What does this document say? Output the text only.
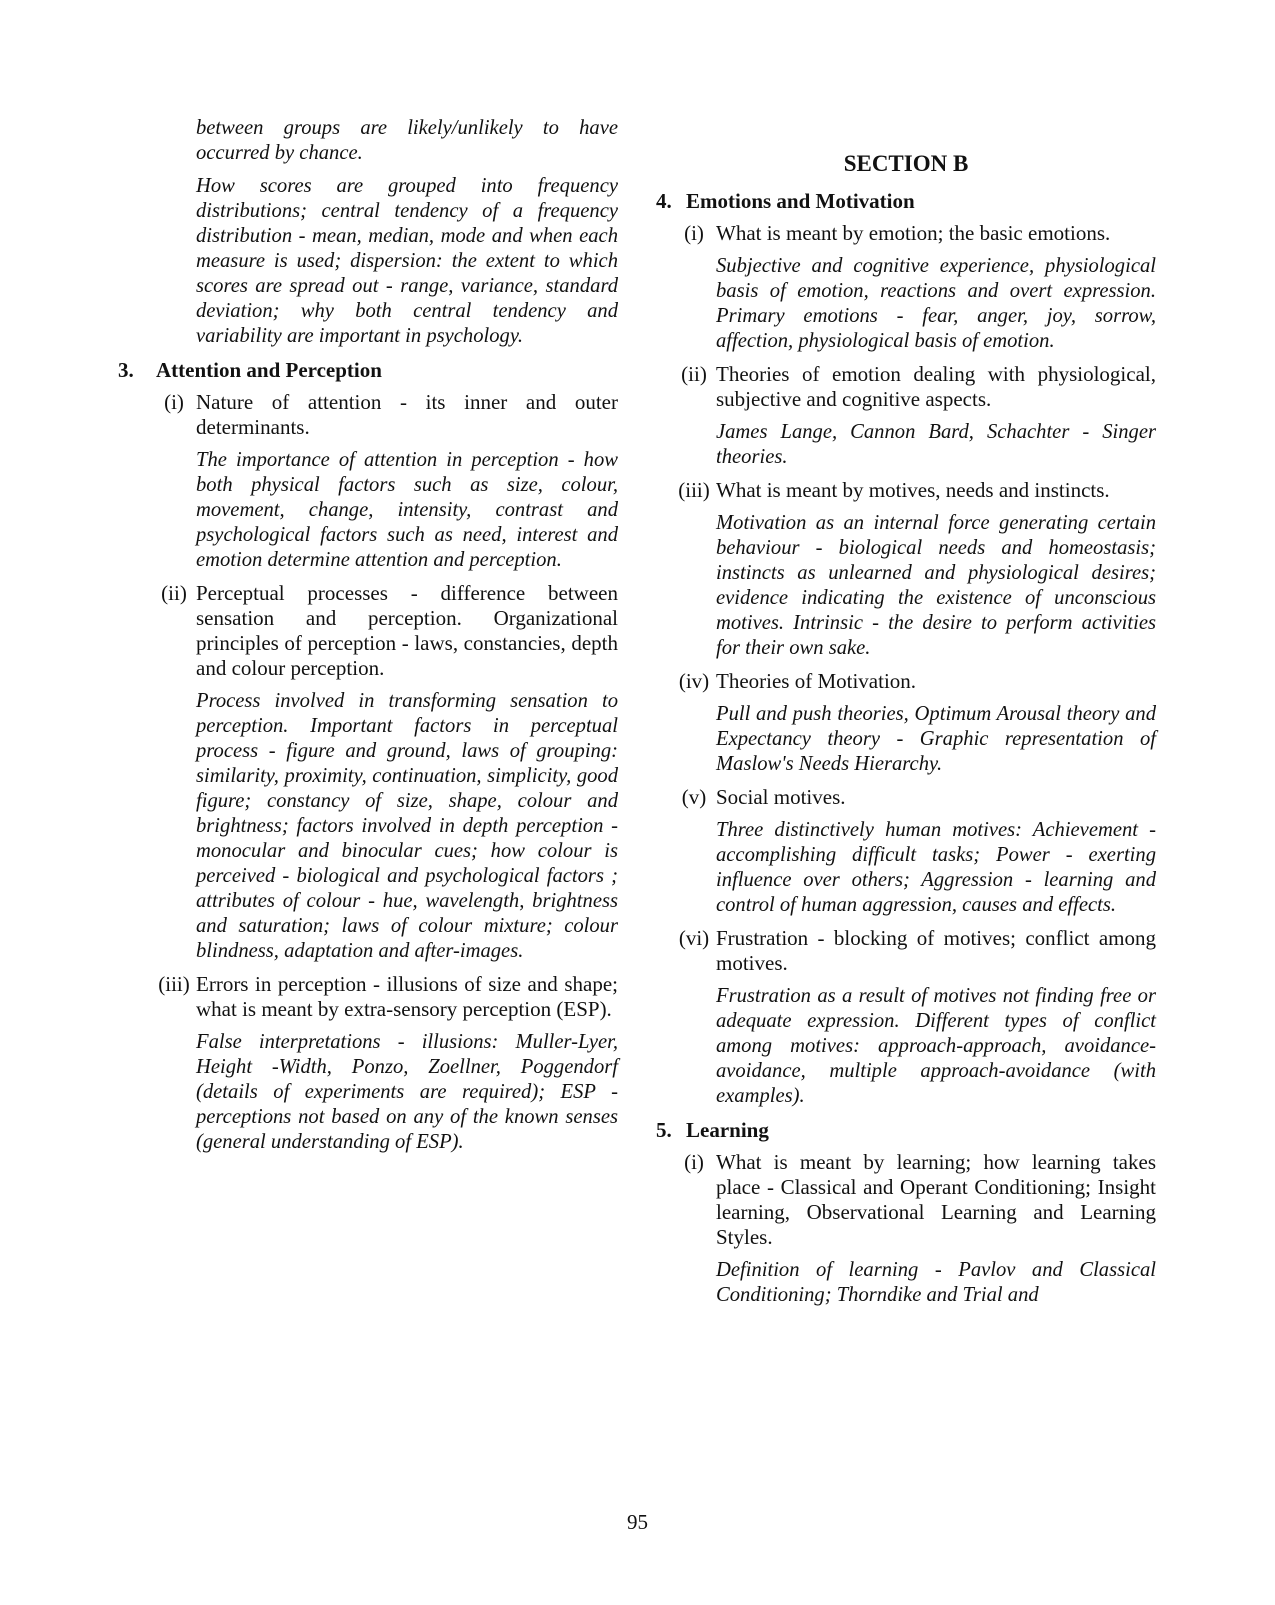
between groups are likely/unlikely to have occurred by chance.

How scores are grouped into frequency distributions; central tendency of a frequency distribution - mean, median, mode and when each measure is used; dispersion: the extent to which scores are spread out - range, variance, standard deviation; why both central tendency and variability are important in psychology.

3.	Attention and Perception
(i) Nature of attention - its inner and outer determinants.

The importance of attention in perception - how both physical factors such as size, colour, movement, change, intensity, contrast and psychological factors such as need, interest and emotion determine attention and perception.

(ii) Perceptual processes - difference between sensation and perception. Organizational principles of perception - laws, constancies, depth and colour perception.

Process involved in transforming sensation to perception. Important factors in perceptual process - figure and ground, laws of grouping: similarity, proximity, continuation, simplicity, good figure; constancy of size, shape, colour and brightness; factors involved in depth perception -monocular and binocular cues; how colour is perceived - biological and psychological factors ; attributes of colour - hue, wavelength, brightness and saturation; laws of colour mixture; colour blindness, adaptation and after-images.

(iii) Errors in perception - illusions of size and shape; what is meant by extra-sensory perception (ESP).

False interpretations - illusions: Muller-Lyer, Height -Width, Ponzo, Zoellner, Poggendorf (details of experiments are required); ESP - perceptions not based on any of the known senses (general understanding of ESP).

SECTION B
4. Emotions and Motivation
(i) What is meant by emotion; the basic emotions.

Subjective and cognitive experience, physiological basis of emotion, reactions and overt expression. Primary emotions - fear, anger, joy, sorrow, affection, physiological basis of emotion.

(ii) Theories of emotion dealing with physiological, subjective and cognitive aspects.

James Lange, Cannon Bard, Schachter - Singer theories.

(iii) What is meant by motives, needs and instincts.

Motivation as an internal force generating certain behaviour - biological needs and homeostasis; instincts as unlearned and physiological desires; evidence indicating the existence of unconscious motives. Intrinsic - the desire to perform activities for their own sake.

(iv) Theories of Motivation.

Pull and push theories, Optimum Arousal theory and Expectancy theory - Graphic representation of Maslow's Needs Hierarchy.

(v) Social motives.

Three distinctively human motives: Achievement - accomplishing difficult tasks; Power - exerting influence over others; Aggression - learning and control of human aggression, causes and effects.

(vi) Frustration - blocking of motives; conflict among motives.

Frustration as a result of motives not finding free or adequate expression. Different types of conflict among motives: approach-approach, avoidance-avoidance, multiple approach-avoidance (with examples).

5. Learning
(i) What is meant by learning; how learning takes place - Classical and Operant Conditioning; Insight learning, Observational Learning and Learning Styles.

Definition of learning - Pavlov and Classical Conditioning; Thorndike and Trial and

95
